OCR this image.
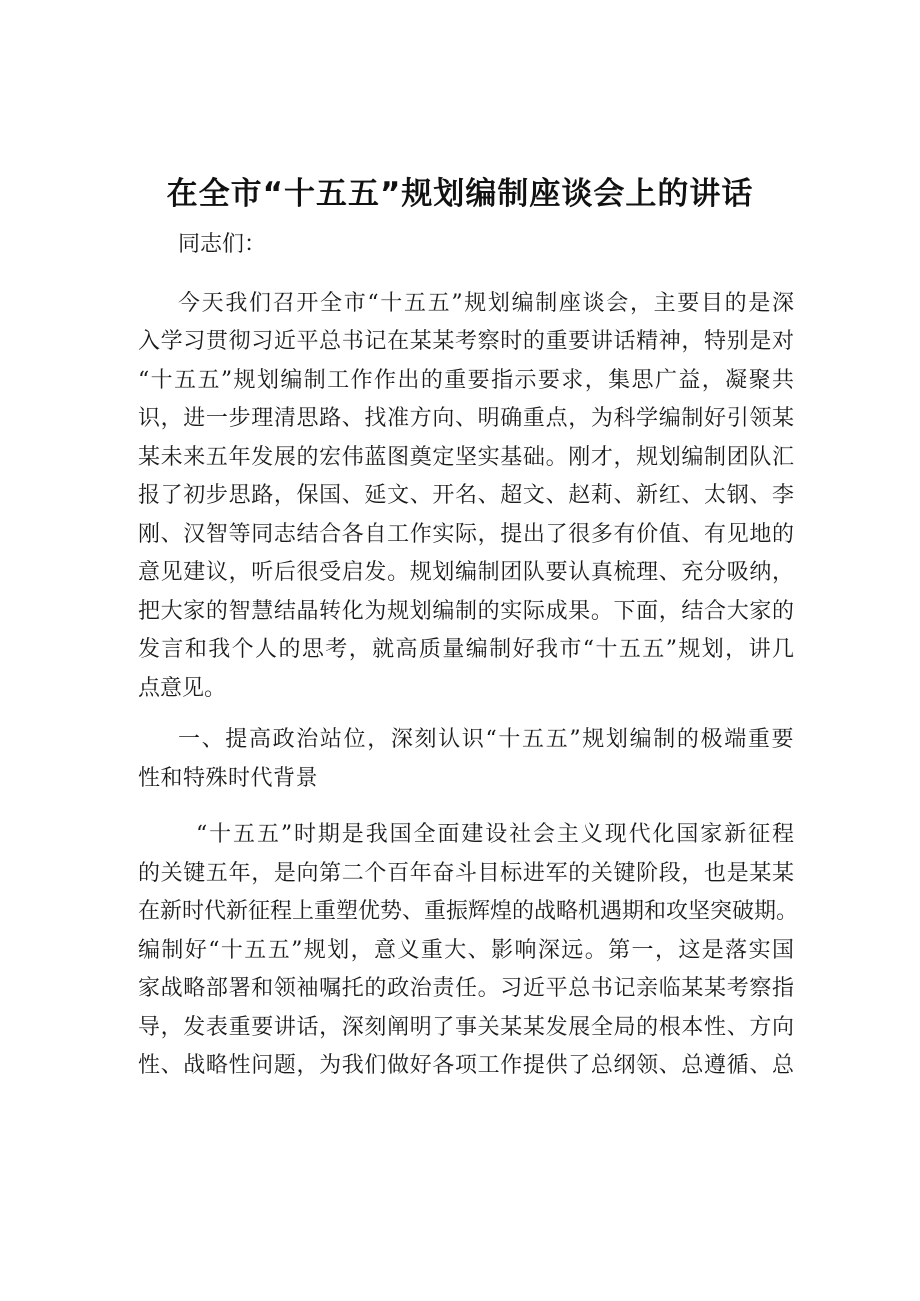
在全市“十五五”规划编制座谈会上的讲话
同志们：
今天我们召开全市“十五五”规划编制座谈会，主要目的是深
入学习贯彻习近平总书记在某某考察时的重要讲话精神，特别是对
“十五五”规划编制工作作出的重要指示要求，集思广益，凝聚共
识，进一步理清思路、找准方向、明确重点，为科学编制好引领某
某未来五年发展的宏伟蓝图奠定坚实基础。刚才，规划编制团队汇
报了初步思路，保国、延文、开名、超文、赵莉、新红、太钢、李
刚、汉智等同志结合各自工作实际，提出了很多有价值、有见地的
意见建议，听后很受启发。规划编制团队要认真梳理、充分吸纳，
把大家的智慧结晶转化为规划编制的实际成果。下面，结合大家的
发言和我个人的思考，就高质量编制好我市“十五五”规划，讲几
点意见。
一、提高政治站位，深刻认识“十五五”规划编制的极端重要
性和特殊时代背景
“十五五”时期是我国全面建设社会主义现代化国家新征程
的关键五年，是向第二个百年奋斗目标进军的关键阶段，也是某某
在新时代新征程上重塑优势、重振辉煌的战略机遇期和攻坚突破期。
编制好“十五五”规划，意义重大、影响深远。第一，这是落实国
家战略部署和领袖嘱托的政治责任。习近平总书记亲临某某考察指
导，发表重要讲话，深刻阐明了事关某某发展全局的根本性、方向
性、战略性问题，为我们做好各项工作提供了总纲领、总遵循、总
